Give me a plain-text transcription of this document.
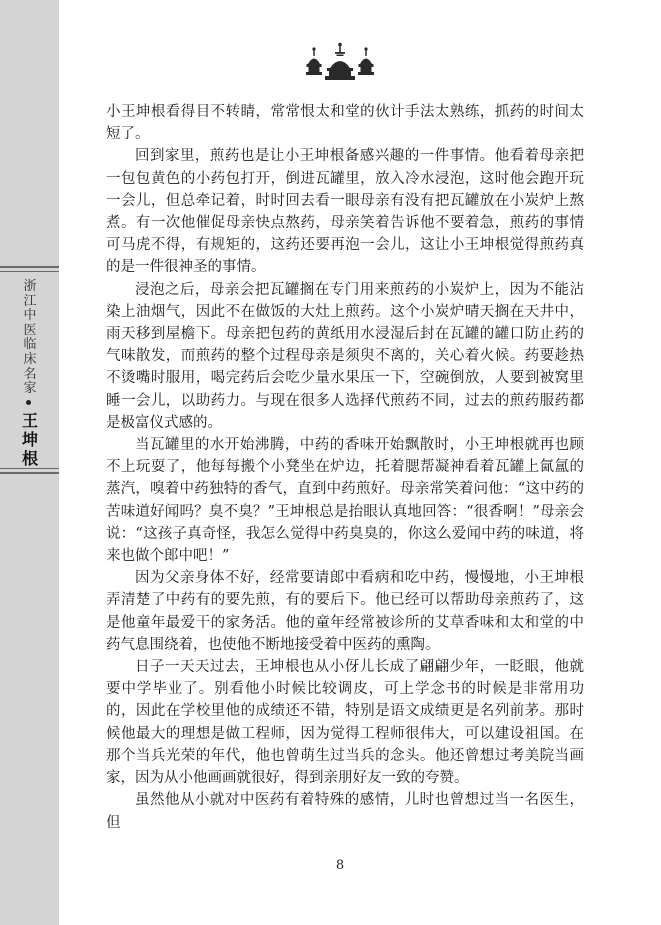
浙江中医临床名家
王坤根

小王坤根看得目不转睛，常常恨太和堂的伙计手法太熟练，抓药的时间太短了。

回到家里，煎药也是让小王坤根备感兴趣的一件事情。他看着母亲把一包包黄色的小药包打开，倒进瓦罐里，放入冷水浸泡，这时他会跑开玩一会儿，但总牵记着，时时回去看一眼母亲有没有把瓦罐放在小炭炉上熬煮。有一次他催促母亲快点熬药，母亲笑着告诉他不要着急，煎药的事情可马虎不得，有规矩的，这药还要再泡一会儿，这让小王坤根觉得煎药真的是一件很神圣的事情。

浸泡之后，母亲会把瓦罐搁在专门用来煎药的小炭炉上，因为不能沾染上油烟气，因此不在做饭的大灶上煎药。这个小炭炉晴天搁在天井中，雨天移到屋檐下。母亲把包药的黄纸用水浸湿后封在瓦罐的罐口防止药的气味散发，而煎药的整个过程母亲是须臾不离的，关心着火候。药要趁热不烫嘴时服用，喝完药后会吃少量水果压一下，空碗倒放，人要到被窝里睡一会儿，以助药力。与现在很多人选择代煎药不同，过去的煎药服药都是极富仪式感的。

当瓦罐里的水开始沸腾，中药的香味开始飘散时，小王坤根就再也顾不上玩耍了，他每每搬个小凳坐在炉边，托着腮帮凝神看着瓦罐上氤氲的蒸汽，嗅着中药独特的香气，直到中药煎好。母亲常笑着问他：“这中药的苦味道好闻吗？臭不臭？”王坤根总是抬眼认真地回答：“很香啊！”母亲会说：“这孩子真奇怪，我怎么觉得中药臭臭的，你这么爱闻中药的味道，将来也做个郎中吧！”

因为父亲身体不好，经常要请郎中看病和吃中药，慢慢地，小王坤根弄清楚了中药有的要先煎，有的要后下。他已经可以帮助母亲煎药了，这是他童年最爱干的家务活。他的童年经常被诊所的艾草香味和太和堂的中药气息围绕着，也使他不断地接受着中医药的熏陶。

日子一天天过去，王坤根也从小伢儿长成了翩翩少年，一眨眼，他就要中学毕业了。别看他小时候比较调皮，可上学念书的时候是非常用功的，因此在学校里他的成绩还不错，特别是语文成绩更是名列前茅。那时候他最大的理想是做工程师，因为觉得工程师很伟大，可以建设祖国。在那个当兵光荣的年代，他也曾萌生过当兵的念头。他还曾想过考美院当画家，因为从小他画画就很好，得到亲朋好友一致的夸赞。

虽然他从小就对中医药有着特殊的感情，儿时也曾想过当一名医生，但

8
